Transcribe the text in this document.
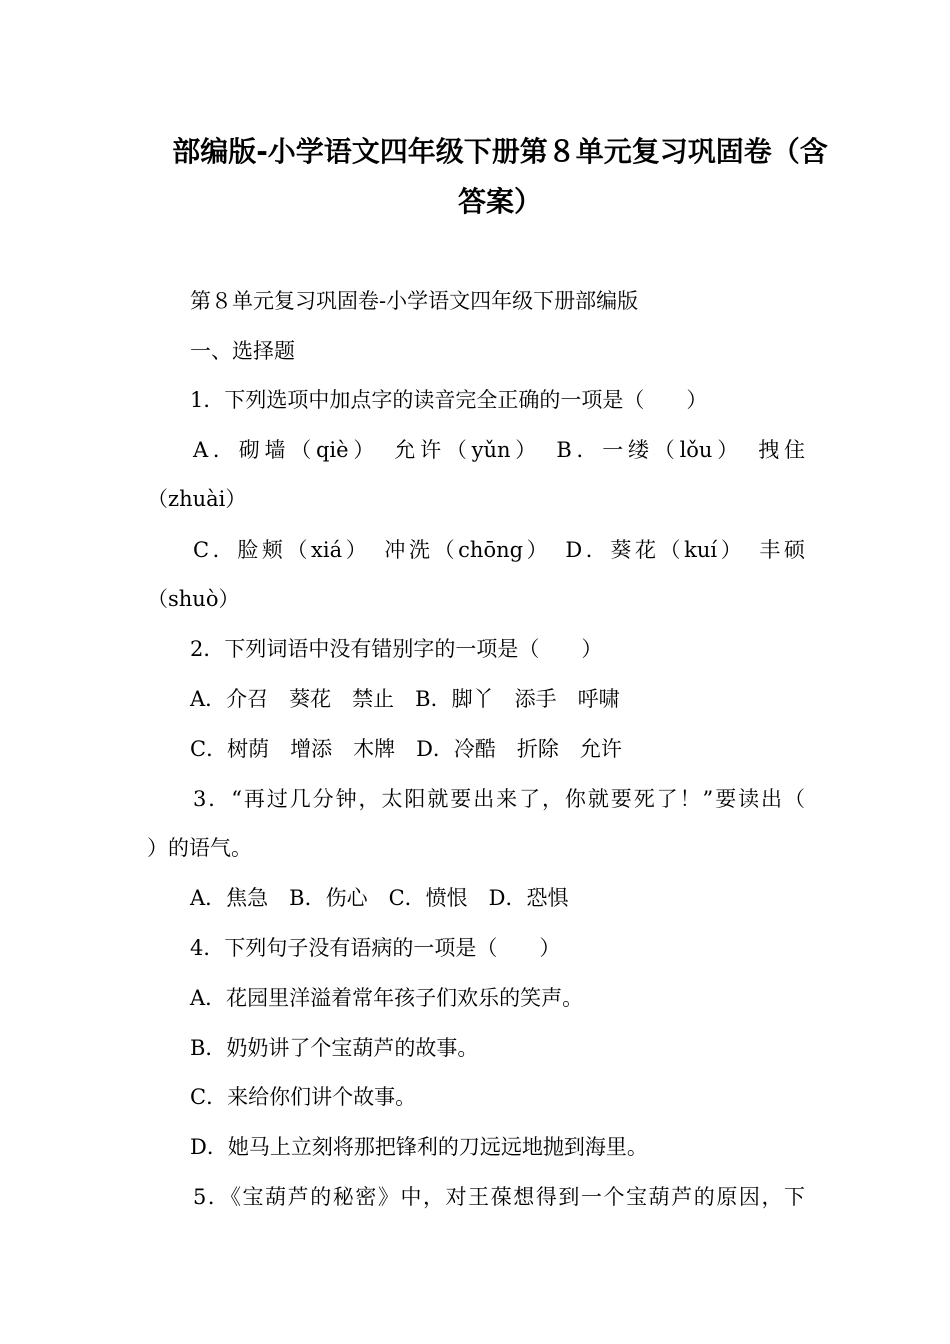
部编版-小学语文四年级下册第８单元复习巩固卷（含
答案）
第８单元复习巩固卷-小学语文四年级下册部编版
一、选择题
1．下列选项中加点字的读音完全正确的一项是（　　）
A．砌墙（qiè）　允许（yǔn）　B．一缕（lǒu）　拽住
（zhuài）
C．脸颊（xiá）　冲洗（chōng）　D．葵花（kuí）　丰硕
（shuò）
2．下列词语中没有错别字的一项是（　　）
A．介召　葵花　禁止　B．脚丫　添手　呼啸
C．树荫　增添　木牌　D．冷酷　折除　允许
3．“再过几分钟，太阳就要出来了，你就要死了！”要读出（
）的语气。
A．焦急　B．伤心　C．愤恨　D．恐惧
4．下列句子没有语病的一项是（　　）
A．花园里洋溢着常年孩子们欢乐的笑声。
B．奶奶讲了个宝葫芦的故事。
C．来给你们讲个故事。
D．她马上立刻将那把锋利的刀远远地抛到海里。
5．《宝葫芦的秘密》中，对王葆想得到一个宝葫芦的原因，下
